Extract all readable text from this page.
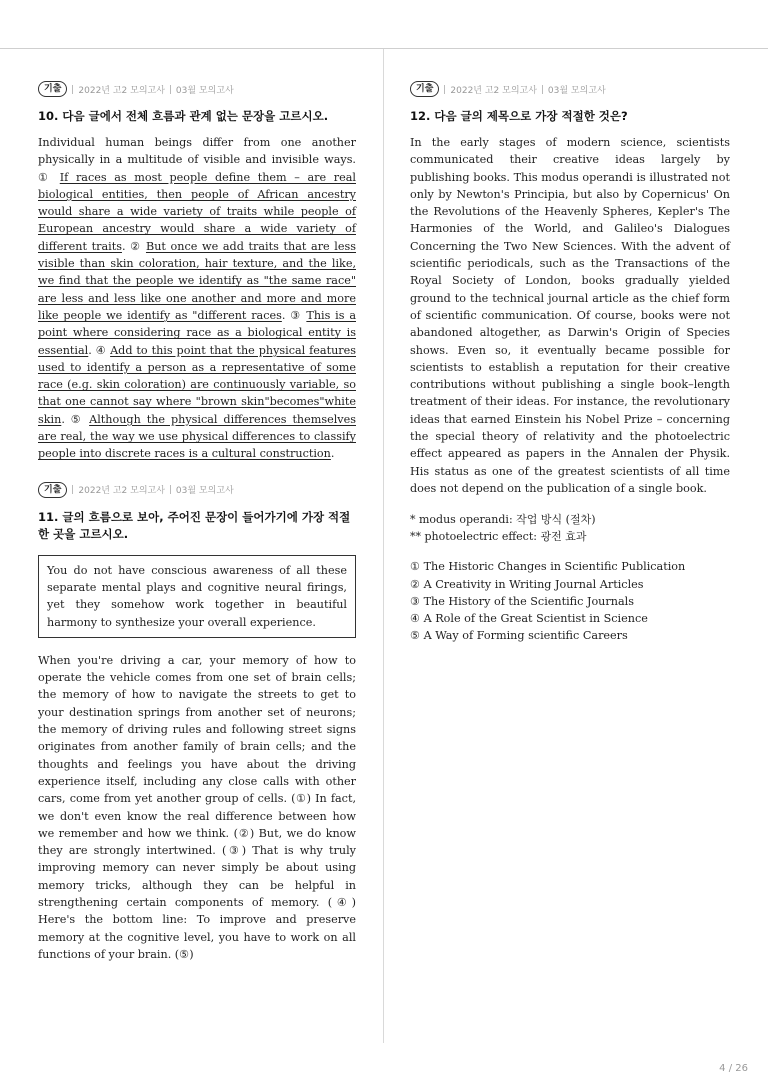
기출	2022년 고2 모의고사 03월 모의고사
10. 다음 글에서 전체 흐름과 관계 없는 문장을 고르시오.
Individual human beings differ from one another physically in a multitude of visible and invisible ways. ① If races as most people define them – are real biological entities, then people of African ancestry would share a wide variety of traits while people of European ancestry would share a wide variety of different traits. ② But once we add traits that are less visible than skin coloration, hair texture, and the like, we find that the people we identify as "the same race" are less and less like one another and more and more like people we identify as "different races. ③ This is a point where considering race as a biological entity is essential. ④ Add to this point that the physical features used to identify a person as a representative of some race (e.g. skin coloration) are continuously variable, so that one cannot say where "brown skin"becomes"white skin. ⑤ Although the physical differences themselves are real, the way we use physical differences to classify people into discrete races is a cultural construction.
기출	2022년 고2 모의고사 03월 모의고사
11. 글의 흐름으로 보아, 주어진 문장이 들어가기에 가장 적절한 곳을 고르시오.
You do not have conscious awareness of all these separate mental plays and cognitive neural firings, yet they somehow work together in beautiful harmony to synthesize your overall experience.
When you're driving a car, your memory of how to operate the vehicle comes from one set of brain cells; the memory of how to navigate the streets to get to your destination springs from another set of neurons; the memory of driving rules and following street signs originates from another family of brain cells; and the thoughts and feelings you have about the driving experience itself, including any close calls with other cars, come from yet another group of cells. (①) In fact, we don't even know the real difference between how we remember and how we think. (②) But, we do know they are strongly intertwined. (③) That is why truly improving memory can never simply be about using memory tricks, although they can be helpful in strengthening certain components of memory. (④) Here's the bottom line: To improve and preserve memory at the cognitive level, you have to work on all functions of your brain. (⑤)
기출	2022년 고2 모의고사 03월 모의고사
12. 다음 글의 제목으로 가장 적절한 것은?
In the early stages of modern science, scientists communicated their creative ideas largely by publishing books. This modus operandi is illustrated not only by Newton's Principia, but also by Copernicus' On the Revolutions of the Heavenly Spheres, Kepler's The Harmonies of the World, and Galileo's Dialogues Concerning the Two New Sciences. With the advent of scientific periodicals, such as the Transactions of the Royal Society of London, books gradually yielded ground to the technical journal article as the chief form of scientific communication. Of course, books were not abandoned altogether, as Darwin's Origin of Species shows. Even so, it eventually became possible for scientists to establish a reputation for their creative contributions without publishing a single book–length treatment of their ideas. For instance, the revolutionary ideas that earned Einstein his Nobel Prize – concerning the special theory of relativity and the photoelectric effect appeared as papers in the Annalen der Physik. His status as one of the greatest scientists of all time does not depend on the publication of a single book.
* modus operandi: 작업 방식 (절차)
** photoelectric effect: 광전 효과
① The Historic Changes in Scientific Publication
② A Creativity in Writing Journal Articles
③ The History of the Scientific Journals
④ A Role of the Great Scientist in Science
⑤ A Way of Forming scientific Careers
4 / 26
